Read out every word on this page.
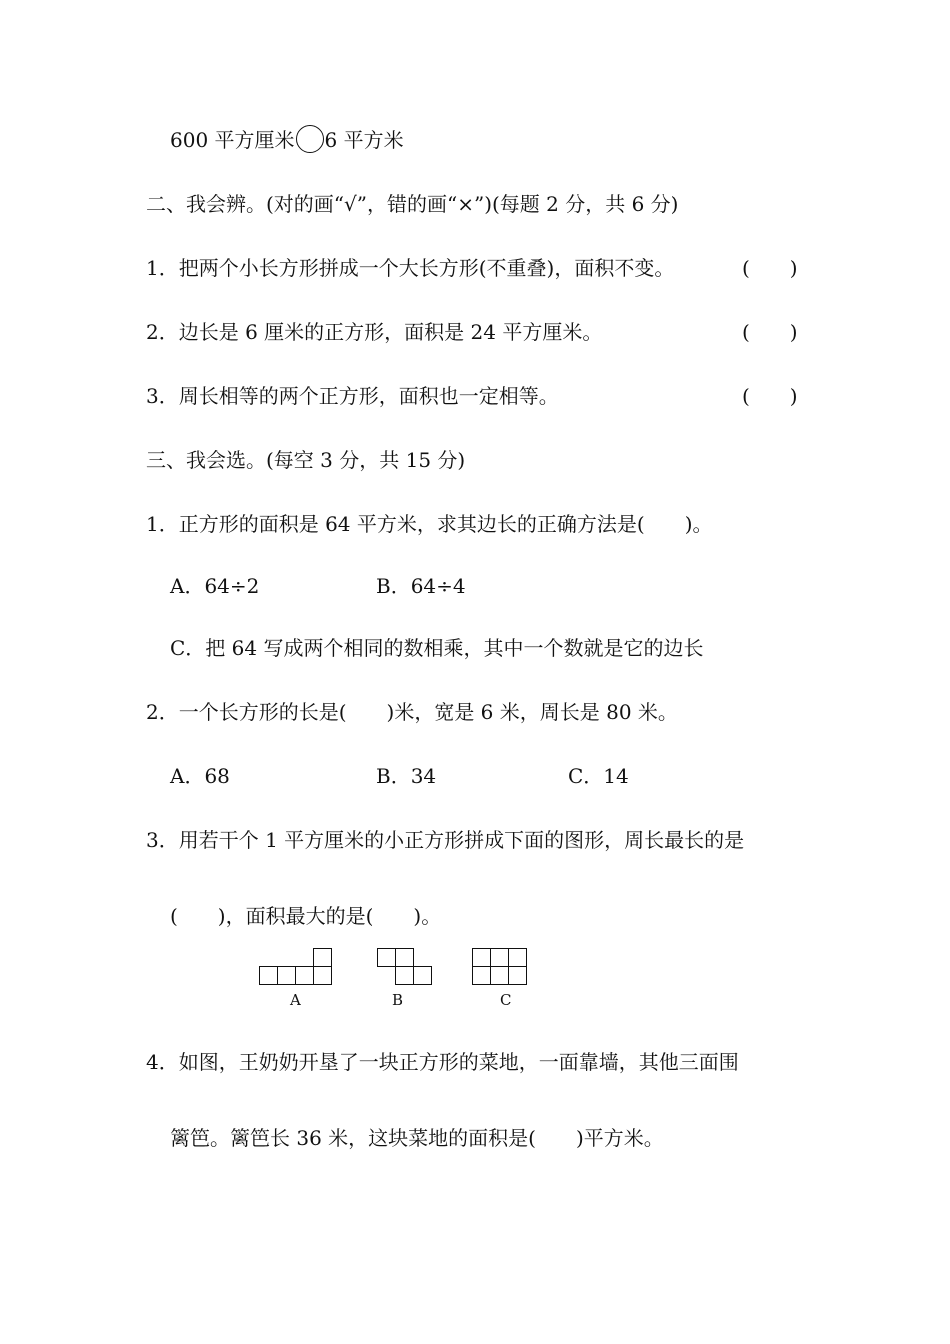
600 平方厘米 6 平方米
二、我会辨。(对的画“√”，错的画“×”)(每题 2 分，共 6 分)
1．把两个小长方形拼成一个大长方形(不重叠)，面积不变。	(　　)
2．边长是 6 厘米的正方形，面积是 24 平方厘米。	(　　)
3．周长相等的两个正方形，面积也一定相等。	(　　)
三、我会选。(每空 3 分，共 15 分)
1．正方形的面积是 64 平方米，求其边长的正确方法是(　　)。
A．64÷2	B．64÷4
C．把 64 写成两个相同的数相乘，其中一个数就是它的边长
2．一个长方形的长是(　　)米，宽是 6 米，周长是 80 米。
A．68	B．34	C．14
3．用若干个 1 平方厘米的小正方形拼成下面的图形，周长最长的是
(　　)，面积最大的是(　　)。
A	B	C
4．如图，王奶奶开垦了一块正方形的菜地，一面靠墙，其他三面围
篱笆。篱笆长 36 米，这块菜地的面积是(　　)平方米。
